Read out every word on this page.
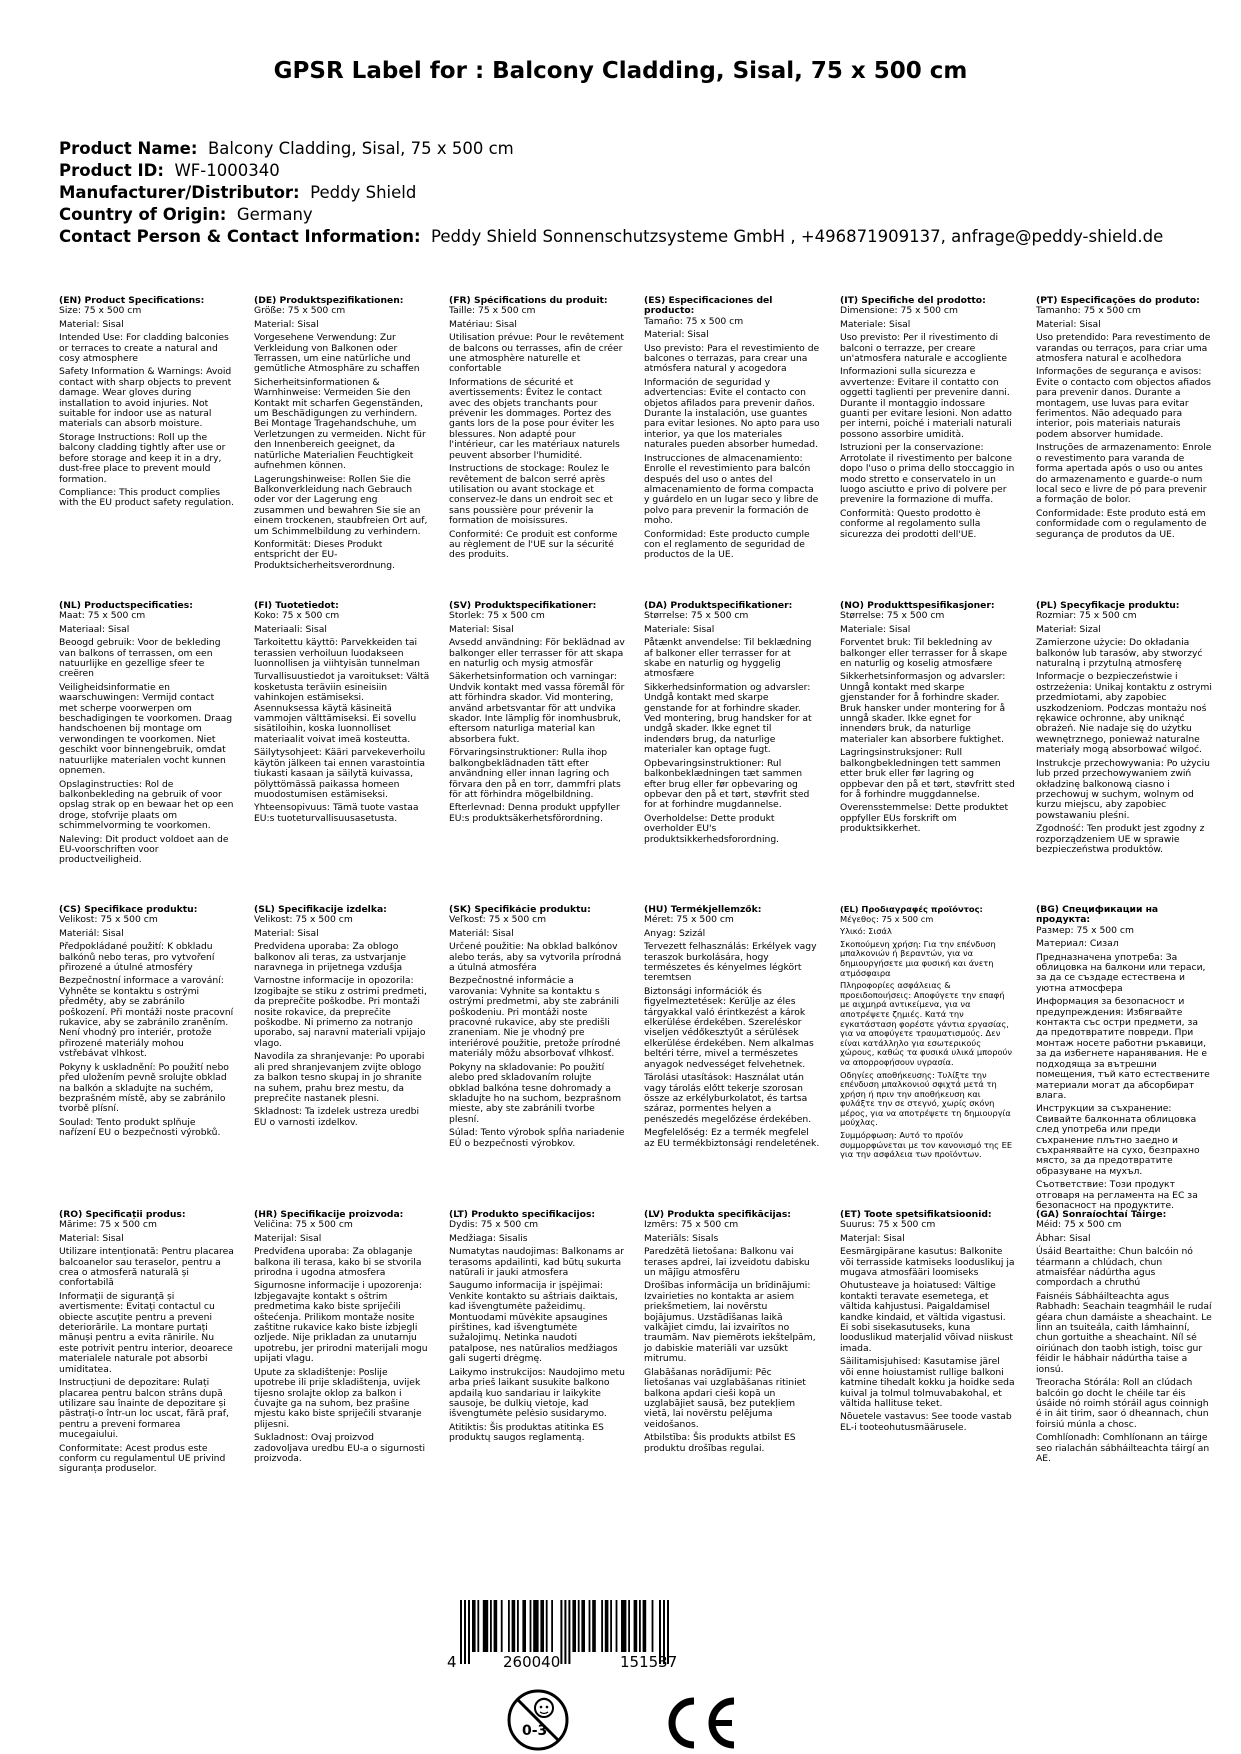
GPSR Label for : Balcony Cladding, Sisal, 75 x 500 cm
Product Name: Balcony Cladding, Sisal, 75 x 500 cm
Product ID: WF-1000340
Manufacturer/Distributor: Peddy Shield
Country of Origin: Germany
Contact Person & Contact Information: Peddy Shield Sonnenschutzsysteme GmbH , +496871909137, anfrage@peddy-shield.de
(EN) Product Specifications:
Size: 75 x 500 cm
Material: Sisal
Intended Use: For cladding balconies or terraces to create a natural and cosy atmosphere
Safety Information & Warnings: Avoid contact with sharp objects to prevent damage. Wear gloves during installation to avoid injuries. Not suitable for indoor use as natural materials can absorb moisture.
Storage Instructions: Roll up the balcony cladding tightly after use or before storage and keep it in a dry, dust-free place to prevent mould formation.
Compliance: This product complies with the EU product safety regulation.
(DE) Produktspezifikationen:
Größe: 75 x 500 cm
Material: Sisal
Vorgesehene Verwendung: Zur Verkleidung von Balkonen oder Terrassen, um eine natürliche und gemütliche Atmosphäre zu schaffen
Sicherheitsinformationen & Warnhinweise: Vermeiden Sie den Kontakt mit scharfen Gegenständen, um Beschädigungen zu verhindern. Bei Montage Tragehandschuhe, um Verletzungen zu vermeiden. Nicht für den Innenbereich geeignet, da natürliche Materialien Feuchtigkeit aufnehmen können.
Lagerungshinweise: Rollen Sie die Balkonverkleidung nach Gebrauch oder vor der Lagerung eng zusammen und bewahren Sie sie an einem trockenen, staubfreien Ort auf, um Schimmelbildung zu verhindern.
Konformität: Dieses Produkt entspricht der EU-Produktsicherheitsverordnung.
(FR) Spécifications du produit:
Taille: 75 x 500 cm
Matériau: Sisal
Utilisation prévue: Pour le revêtement de balcons ou terrasses, afin de créer une atmosphère naturelle et confortable
Informations de sécurité et avertissements: Évitez le contact avec des objets tranchants pour prévenir les dommages. Portez des gants lors de la pose pour éviter les blessures. Non adapté pour l'intérieur, car les matériaux naturels peuvent absorber l'humidité.
Instructions de stockage: Roulez le revêtement de balcon serré après utilisation ou avant stockage et conservez-le dans un endroit sec et sans poussière pour prévenir la formation de moisissures.
Conformité: Ce produit est conforme au règlement de l'UE sur la sécurité des produits.
(ES) Especificaciones del producto:
Tamaño: 75 x 500 cm
Material: Sisal
Uso previsto: Para el revestimiento de balcones o terrazas, para crear una atmósfera natural y acogedora
Información de seguridad y advertencias: Evite el contacto con objetos afilados para prevenir daños. Durante la instalación, use guantes para evitar lesiones. No apto para uso interior, ya que los materiales naturales pueden absorber humedad.
Instrucciones de almacenamiento: Enrolle el revestimiento para balcón después del uso o antes del almacenamiento de forma compacta y guárdelo en un lugar seco y libre de polvo para prevenir la formación de moho.
Conformidad: Este producto cumple con el reglamento de seguridad de productos de la UE.
(IT) Specifiche del prodotto:
Dimensione: 75 x 500 cm
Materiale: Sisal
Uso previsto: Per il rivestimento di balconi o terrazze, per creare un'atmosfera naturale e accogliente
Informazioni sulla sicurezza e avvertenze: Evitare il contatto con oggetti taglienti per prevenire danni. Durante il montaggio indossare guanti per evitare lesioni. Non adatto per interni, poiché i materiali naturali possono assorbire umidità.
Istruzioni per la conservazione: Arrotolate il rivestimento per balcone dopo l'uso o prima dello stoccaggio in modo stretto e conservatelo in un luogo asciutto e privo di polvere per prevenire la formazione di muffa.
Conformità: Questo prodotto è conforme al regolamento sulla sicurezza dei prodotti dell'UE.
(PT) Especificações do produto:
Tamanho: 75 x 500 cm
Material: Sisal
Uso pretendido: Para revestimento de varandas ou terraços, para criar uma atmosfera natural e acolhedora
Informações de segurança e avisos: Evite o contacto com objectos afiados para prevenir danos. Durante a montagem, use luvas para evitar ferimentos. Não adequado para interior, pois materiais naturais podem absorver humidade.
Instruções de armazenamento: Enrole o revestimento para varanda de forma apertada após o uso ou antes do armazenamento e guarde-o num local seco e livre de pó para prevenir a formação de bolor.
Conformidade: Este produto está em conformidade com o regulamento de segurança de produtos da UE.
(NL) Productspecificaties:
Maat: 75 x 500 cm
Materiaal: Sisal
Beoogd gebruik: Voor de bekleding van balkons of terrassen, om een natuurlijke en gezellige sfeer te creëren
Veiligheidsinformatie en waarschuwingen: Vermijd contact met scherpe voorwerpen om beschadigingen te voorkomen. Draag handschoenen bij montage om verwondingen te voorkomen. Niet geschikt voor binnengebruik, omdat natuurlijke materialen vocht kunnen opnemen.
Opslaginstructies: Rol de balkonbekleding na gebruik of voor opslag strak op en bewaar het op een droge, stofvrije plaats om schimmelvorming te voorkomen.
Naleving: Dit product voldoet aan de EU-voorschriften voor productveiligheid.
(FI) Tuotetiedot:
Koko: 75 x 500 cm
Materiaali: Sisal
Tarkoitettu käyttö: Parvekkeiden tai terassien verhoiluun luodakseen luonnollisen ja viihtyisän tunnelman
Turvallisuustiedot ja varoitukset: Vältä kosketusta teräviin esineisiin vahinkojen estämiseksi. Asennuksessa käytä käsineitä vammojen välttämiseksi. Ei sovellu sisätiloihin, koska luonnolliset materiaalit voivat imeä kosteutta.
Säilytysohjeet: Kääri parvekeverhoilu käytön jälkeen tai ennen varastointia tiukasti kasaan ja säilytä kuivassa, pölyttömässä paikassa homeen muodostumisen estämiseksi.
Yhteensopivuus: Tämä tuote vastaa EU:s tuoteturvallisuusasetusta.
(SV) Produktspecifikationer:
Storlek: 75 x 500 cm
Material: Sisal
Avsedd användning: För beklädnad av balkonger eller terrasser för att skapa en naturlig och mysig atmosfär
Säkerhetsinformation och varningar: Undvik kontakt med vassa föremål för att förhindra skador. Vid montering, använd arbetsvantar för att undvika skador. Inte lämplig för inomhusbruk, eftersom naturliga material kan absorbera fukt.
Förvaringsinstruktioner: Rulla ihop balkongbeklädnaden tätt efter användning eller innan lagring och förvara den på en torr, dammfri plats för att förhindra mögelbildning.
Efterlevnad: Denna produkt uppfyller EU:s produktsäkerhetsförordning.
(DA) Produktspecifikationer:
Størrelse: 75 x 500 cm
Materiale: Sisal
Påtænkt anvendelse: Til beklædning af balkoner eller terrasser for at skabe en naturlig og hyggelig atmosfære
Sikkerhedsinformation og advarsler: Undgå kontakt med skarpe genstande for at forhindre skader. Ved montering, brug handsker for at undgå skader. Ikke egnet til indendørs brug, da naturlige materialer kan optage fugt.
Opbevaringsinstruktioner: Rul balkonbeklædningen tæt sammen efter brug eller før opbevaring og opbevar den på et tørt, støvfrit sted for at forhindre mugdannelse.
Overholdelse: Dette produkt overholder EU's produktsikkerhedsforordning.
(NO) Produkttspesifikasjoner:
Størrelse: 75 x 500 cm
Materiale: Sisal
Forventet bruk: Til bekledning av balkonger eller terrasser for å skape en naturlig og koselig atmosfære
Sikkerhetsinformasjon og advarsler: Unngå kontakt med skarpe gjenstander for å forhindre skader. Bruk hansker under montering for å unngå skader. Ikke egnet for innendørs bruk, da naturlige materialer kan absorbere fuktighet.
Lagringsinstruksjoner: Rull balkongbekledningen tett sammen etter bruk eller før lagring og oppbevar den på et tørt, støvfritt sted for å forhindre muggdannelse.
Overensstemmelse: Dette produktet oppfyller EUs forskrift om produktsikkerhet.
(PL) Specyfikacje produktu:
Rozmiar: 75 x 500 cm
Materiał: Sizal
Zamierzone użycie: Do okładania balkonów lub tarasów, aby stworzyć naturalną i przytulną atmosferę
Informacje o bezpieczeństwie i ostrzeżenia: Unikaj kontaktu z ostrymi przedmiotami, aby zapobiec uszkodzeniom. Podczas montażu noś rękawice ochronne, aby uniknąć obrażeń. Nie nadaje się do użytku wewnętrznego, ponieważ naturalne materiały mogą absorbować wilgoć.
Instrukcje przechowywania: Po użyciu lub przed przechowywaniem zwiń okładzinę balkonową ciasno i przechowuj w suchym, wolnym od kurzu miejscu, aby zapobiec powstawaniu pleśni.
Zgodność: Ten produkt jest zgodny z rozporządzeniem UE w sprawie bezpieczeństwa produktów.
(CS) Specifikace produktu:
Velikost: 75 x 500 cm
Materiál: Sisal
Předpokládané použití: K obkladu balkónů nebo teras, pro vytvoření přirozené a útulné atmosféry
Bezpečnostní informace a varování: Vyhněte se kontaktu s ostrými předměty, aby se zabránilo poškození. Při montáži noste pracovní rukavice, aby se zabránilo zraněním. Není vhodný pro interiér, protože přirozené materiály mohou vstřebávat vlhkost.
Pokyny k uskladnění: Po použití nebo před uložením pevně srolujte obklad na balkón a skladujte na suchém, bezprašném místě, aby se zabránilo tvorbě plísní.
Soulad: Tento produkt splňuje nařízení EU o bezpečnosti výrobků.
(SL) Specifikacije izdelka:
Velikost: 75 x 500 cm
Material: Sisal
Predvidena uporaba: Za oblogo balkonov ali teras, za ustvarjanje naravnega in prijetnega vzdušja
Varnostne informacije in opozorila: Izogibajte se stiku z ostrimi predmeti, da preprečite poškodbe. Pri montaži nosite rokavice, da preprečite poškodbe. Ni primerno za notranjo uporabo, saj naravni materiali vpijajo vlago.
Navodila za shranjevanje: Po uporabi ali pred shranjevanjem zvijte oblogo za balkon tesno skupaj in jo shranite na suhem, prahu brez mestu, da preprečite nastanek plesni.
Skladnost: Ta izdelek ustreza uredbi EU o varnosti izdelkov.
(SK) Špecifikácie produktu:
Veľkosť: 75 x 500 cm
Materiál: Sisal
Určené použitie: Na obklad balkónov alebo terás, aby sa vytvorila prírodná a útulná atmosféra
Bezpečnostné informácie a varovania: Vyhnite sa kontaktu s ostrými predmetmi, aby ste zabránili poškodeniu. Pri montáži noste pracovné rukavice, aby ste predišli zraneniam. Nie je vhodný pre interiérové použitie, pretože prírodné materiály môžu absorbovať vlhkosť.
Pokyny na skladovanie: Po použití alebo pred skladovaním rolujte obklad balkóna tesne dohromady a skladujte ho na suchom, bezprašnom mieste, aby ste zabránili tvorbe plesní.
Súlad: Tento výrobok spĺňa nariadenie EÚ o bezpečnosti výrobkov.
(HU) Termékjellemzők:
Méret: 75 x 500 cm
Anyag: Szizál
Tervezett felhasználás: Erkélyek vagy teraszok burkolására, hogy természetes és kényelmes légkört teremtsen
Biztonsági információk és figyelmeztetések: Kerülje az éles tárgyakkal való érintkezést a károk elkerülése érdekében. Szereléskor viseljen védőkesztyűt a sérülések elkerülése érdekében. Nem alkalmas beltéri térre, mivel a természetes anyagok nedvességet felvehetnek.
Tárolási utasítások: Használat után vagy tárolás előtt tekerje szorosan össze az erkélyburkolatot, és tartsa száraz, pormentes helyen a penészedés megelőzése érdekében.
Megfelelőség: Ez a termék megfelel az EU termékbiztonsági rendeletének.
(EL) Προδιαγραφές προϊόντος:
Μέγεθος: 75 x 500 cm
Υλικό: Σισάλ
Σκοπούμενη χρήση: Για την επένδυση μπαλκονιών ή βεραντών, για να δημιουργήσετε μια φυσική και άνετη ατμόσφαιρα
Πληροφορίες ασφάλειας & προειδοποιήσεις: Αποφύγετε την επαφή με αιχμηρά αντικείμενα, για να αποτρέψετε ζημιές. Κατά την εγκατάσταση φορέστε γάντια εργασίας, για να αποφύγετε τραυματισμούς. Δεν είναι κατάλληλο για εσωτερικούς χώρους, καθώς τα φυσικά υλικά μπορούν να απορροφήσουν υγρασία.
Οδηγίες αποθήκευσης: Τυλίξτε την επένδυση μπαλκονιού σφιχτά μετά τη χρήση ή πριν την αποθήκευση και φυλάξτε την σε στεγνό, χωρίς σκόνη μέρος, για να αποτρέψετε τη δημιουργία μούχλας.
Συμμόρφωση: Αυτό το προϊόν συμμορφώνεται με τον κανονισμό της ΕΕ για την ασφάλεια των προϊόντων.
(BG) Спецификации на продукта:
Размер: 75 x 500 cm
Материал: Сизал
Предназначена употреба: За облицовка на балкони или тераси, за да се създаде естествена и уютна атмосфера
Информация за безопасност и предупреждения: Избягвайте контакта със остри предмети, за да предотвратите повреди. При монтаж носете работни ръкавици, за да избегнете наранявания. Не е подходяща за вътрешни помещения, тъй като естествените материали могат да абсорбират влага.
Инструкции за съхранение: Свивайте балконната облицовка след употреба или преди съхранение плътно заедно и съхранявайте на сухо, безпрахно място, за да предотвратите образуване на мухъл.
Съответствие: Този продукт отговаря на регламента на ЕС за безопасност на продуктите.
(RO) Specificații produs:
Mărime: 75 x 500 cm
Material: Sisal
Utilizare intenționată: Pentru placarea balcoanelor sau teraselor, pentru a crea o atmosferă naturală și confortabilă
Informații de siguranță și avertismente: Evitați contactul cu obiecte ascuțite pentru a preveni deteriorările. La montare purtați mănuși pentru a evita rănirile. Nu este potrivit pentru interior, deoarece materialele naturale pot absorbi umiditatea.
Instrucțiuni de depozitare: Rulați placarea pentru balcon strâns după utilizare sau înainte de depozitare și păstrați-o într-un loc uscat, fără praf, pentru a preveni formarea mucegaiului.
Conformitate: Acest produs este conform cu regulamentul UE privind siguranța produselor.
(HR) Specifikacije proizvoda:
Veličina: 75 x 500 cm
Materijal: Sisal
Predviđena uporaba: Za oblaganje balkona ili terasa, kako bi se stvorila prirodna i ugodna atmosfera
Sigurnosne informacije i upozorenja: Izbjegavajte kontakt s oštrim predmetima kako biste spriječili oštećenja. Prilikom montaže nosite zaštitne rukavice kako biste izbjegli ozljede. Nije prikladan za unutarnju upotrebu, jer prirodni materijali mogu upijati vlagu.
Upute za skladištenje: Poslije upotrebe ili prije skladištenja, uvijek tijesno srolajte oklop za balkon i čuvajte ga na suhom, bez prašine mjestu kako biste spriječili stvaranje plijesni.
Sukladnost: Ovaj proizvod zadovoljava uredbu EU-a o sigurnosti proizvoda.
(LT) Produkto specifikacijos:
Dydis: 75 x 500 cm
Medžiaga: Sisalis
Numatytas naudojimas: Balkonams ar terasoms apdailinti, kad būtų sukurta natūrali ir jauki atmosfera
Saugumo informacija ir įspėjimai: Venkite kontakto su aštriais daiktais, kad išvengtumėte pažeidimų. Montuodami mūvėkite apsaugines pirštines, kad išvengtumėte sužalojimų. Netinka naudoti patalpose, nes natūralios medžiagos gali sugerti drėgmę.
Laikymo instrukcijos: Naudojimo metu arba prieš laikant susukite balkono apdailą kuo sandariau ir laikykite sausoje, be dulkių vietoje, kad išvengtumėte pelėsio susidarymo.
Atitiktis: Šis produktas atitinka ES produktų saugos reglamentą.
(LV) Produkta specifikācijas:
Izmērs: 75 x 500 cm
Materiāls: Sisals
Paredzētā lietošana: Balkonu vai terases apdrei, lai izveidotu dabisku un mājīgu atmosfēru
Drošības informācija un brīdinājumi: Izvairieties no kontakta ar asiem priekšmetiem, lai novērstu bojājumus. Uzstādīšanas laikā valkājiet cimdu, lai izvairītos no traumām. Nav piemērots iekštelpām, jo dabiskie materiāli var uzsūkt mitrumu.
Glabāšanas norādījumi: Pēc lietošanas vai uzglabāšanas ritiniet balkona apdari cieši kopā un uzglabājiet sausā, bez putekļiem vietā, lai novērstu pelējuma veidošanos.
Atbilstība: Šis produkts atbilst ES produktu drošības regulai.
(ET) Toote spetsifikatsioonid:
Suurus: 75 x 500 cm
Materjal: Sisal
Eesmärgipärane kasutus: Balkonite või terrasside katmiseks looduslikuj ja mugava atmosfääri loomiseks
Ohutusteave ja hoiatused: Vältige kontakti teravate esemetega, et vältida kahjustusi. Paigaldamisel kandke kindaid, et vältida vigastusi. Ei sobi sisekasutuseks, kuna looduslikud materjalid võivad niiskust imada.
Säilitamisjuhised: Kasutamise järel või enne hoiustamist rullige balkoni katmine tihedalt kokku ja hoidke seda kuival ja tolmul tolmuvabakohal, et vältida hallituse teket.
Nõuetele vastavus: See toode vastab EL-i tooteohutusmäärusele.
(GA) Sonraíochtaí Táirge:
Méid: 75 x 500 cm
Ábhar: Sisal
Úsáid Beartaithe: Chun balcóin nó téarmann a chlúdach, chun atmaisféar nádúrtha agus compordach a chruthú
Faisnéis Sábháilteachta agus Rabhadh: Seachain teagmháil le rudaí géara chun damáiste a sheachaint. Le linn an tsuiteála, caith lámhainní, chun gortuithe a sheachaint. Níl sé oiriúnach don taobh istigh, toisc gur féidir le hábhair nádúrtha taise a ionsú.
Treoracha Stórála: Roll an clúdach balcóin go docht le chéile tar éis úsáide nó roimh stóráil agus coinnigh é in áit tirim, saor ó dheannach, chun foirsiú múnla a chosc.
Comhlíonadh: Comhlíonann an táirge seo rialachán sábháilteachta táirgí an AE.
4	260040	151537
0-3
